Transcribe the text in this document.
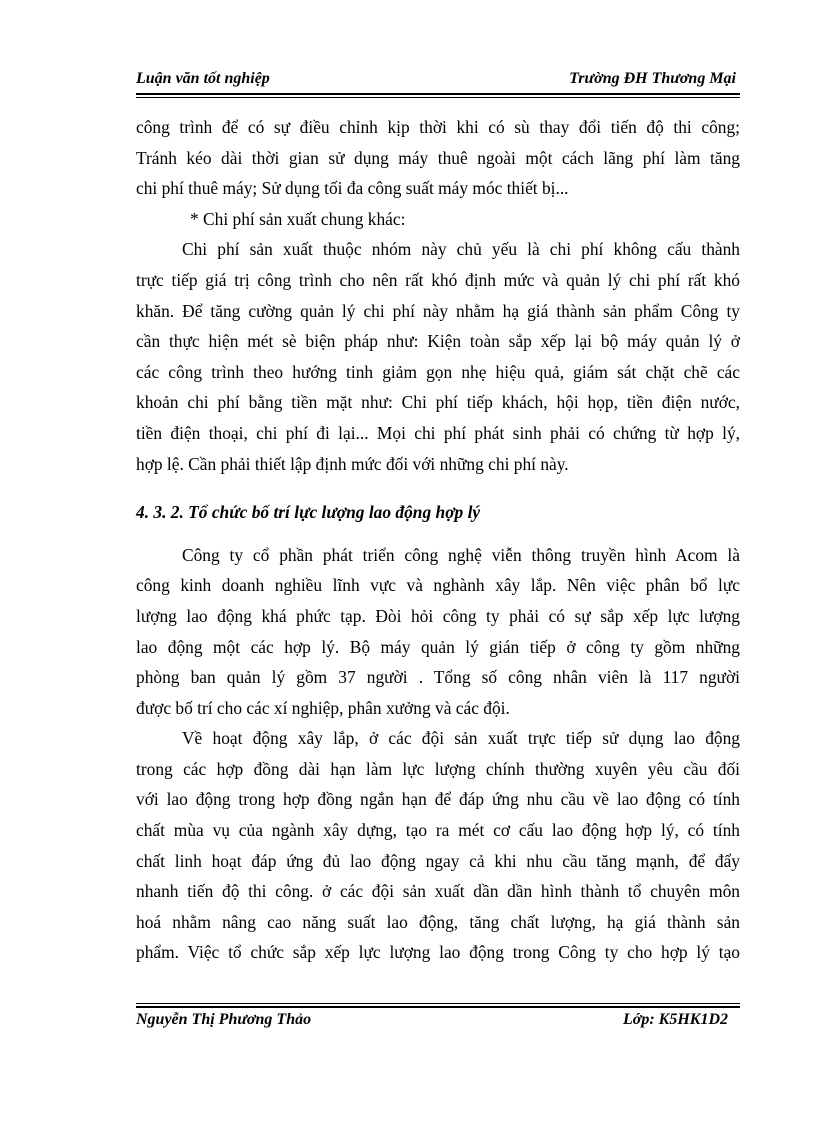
Luận văn tốt nghiệp	Trường ĐH Thương Mại
công trình để có sự điều chỉnh kịp thời khi có sù thay đổi tiến độ thi công;
Tránh kéo dài thời gian sử dụng máy thuê ngoài một cách lãng phí làm tăng
chi phí thuê máy; Sử dụng tối đa công suất máy móc thiết bị...
* Chi phí sản xuất chung khác:
Chi phí sản xuất thuộc nhóm này chủ yếu là chi phí không cấu thành
trực tiếp giá trị công trình cho nên rất khó định mức và quản lý chi phí rất khó
khăn. Để tăng cường quản lý chi phí này nhằm hạ giá thành sản phẩm Công ty
cần thực hiện mét sè biện pháp như: Kiện toàn sắp xếp lại bộ máy quản lý ở
các công trình theo hướng tinh giảm gọn nhẹ hiệu quả, giám sát chặt chẽ các
khoản chi phí bằng tiền mặt như: Chi phí tiếp khách, hội họp, tiền điện nước,
tiền điện thoại, chi phí đi lại... Mọi chi phí phát sinh phải có chứng từ hợp lý,
hợp lệ. Cần phải thiết lập định mức đối với những chi phí này.
4. 3. 2. Tổ chức bố trí lực lượng lao động hợp lý
Công ty cổ phần phát triển công nghệ viễn thông truyền hình Acom là
công kinh doanh nghiều lĩnh vực và nghành xây lắp. Nên việc phân bổ lực
lượng lao động khá phức tạp. Đòi hỏi công ty phải có sự sắp xếp lực lượng
lao động một các hợp lý. Bộ máy quản lý gián tiếp ở công ty gồm những
phòng ban quản lý gồm 37 người . Tổng số công nhân viên là 117 người
được bố trí cho các xí nghiệp, phân xưởng và các đội.
Về hoạt động xây lắp, ở các đội sản xuất trực tiếp sử dụng lao động
trong các hợp đồng dài hạn làm lực lượng chính thường xuyên yêu cầu đối
với lao động trong hợp đồng ngắn hạn để đáp ứng nhu cầu về lao động có tính
chất mùa vụ của ngành xây dựng, tạo ra mét cơ cấu lao động hợp lý, có tính
chất linh hoạt đáp ứng đủ lao động ngay cả khi nhu cầu tăng mạnh, để đẩy
nhanh tiến độ thi công. ở các đội sản xuất dần dần hình thành tổ chuyên môn
hoá nhằm nâng cao năng suất lao động, tăng chất lượng, hạ giá thành sản
phẩm. Việc tổ chức sắp xếp lực lượng lao động trong Công ty cho hợp lý tạo
Nguyễn Thị Phương Thảo	Lớp: K5HK1D2
